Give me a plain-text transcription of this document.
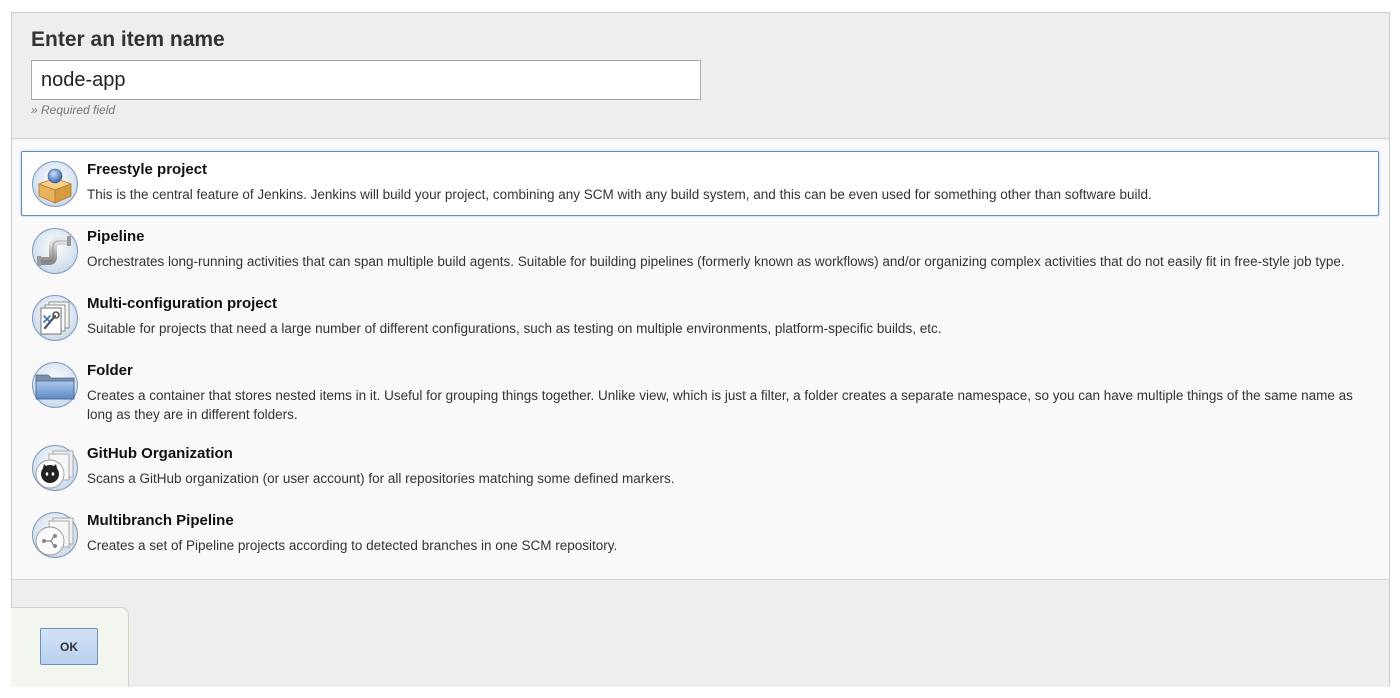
Enter an item name
node-app
» Required field
Freestyle project
This is the central feature of Jenkins. Jenkins will build your project, combining any SCM with any build system, and this can be even used for something other than software build.
Pipeline
Orchestrates long-running activities that can span multiple build agents. Suitable for building pipelines (formerly known as workflows) and/or organizing complex activities that do not easily fit in free-style job type.
Multi-configuration project
Suitable for projects that need a large number of different configurations, such as testing on multiple environments, platform-specific builds, etc.
Folder
Creates a container that stores nested items in it. Useful for grouping things together. Unlike view, which is just a filter, a folder creates a separate namespace, so you can have multiple things of the same name as long as they are in different folders.
GitHub Organization
Scans a GitHub organization (or user account) for all repositories matching some defined markers.
Multibranch Pipeline
Creates a set of Pipeline projects according to detected branches in one SCM repository.
OK
